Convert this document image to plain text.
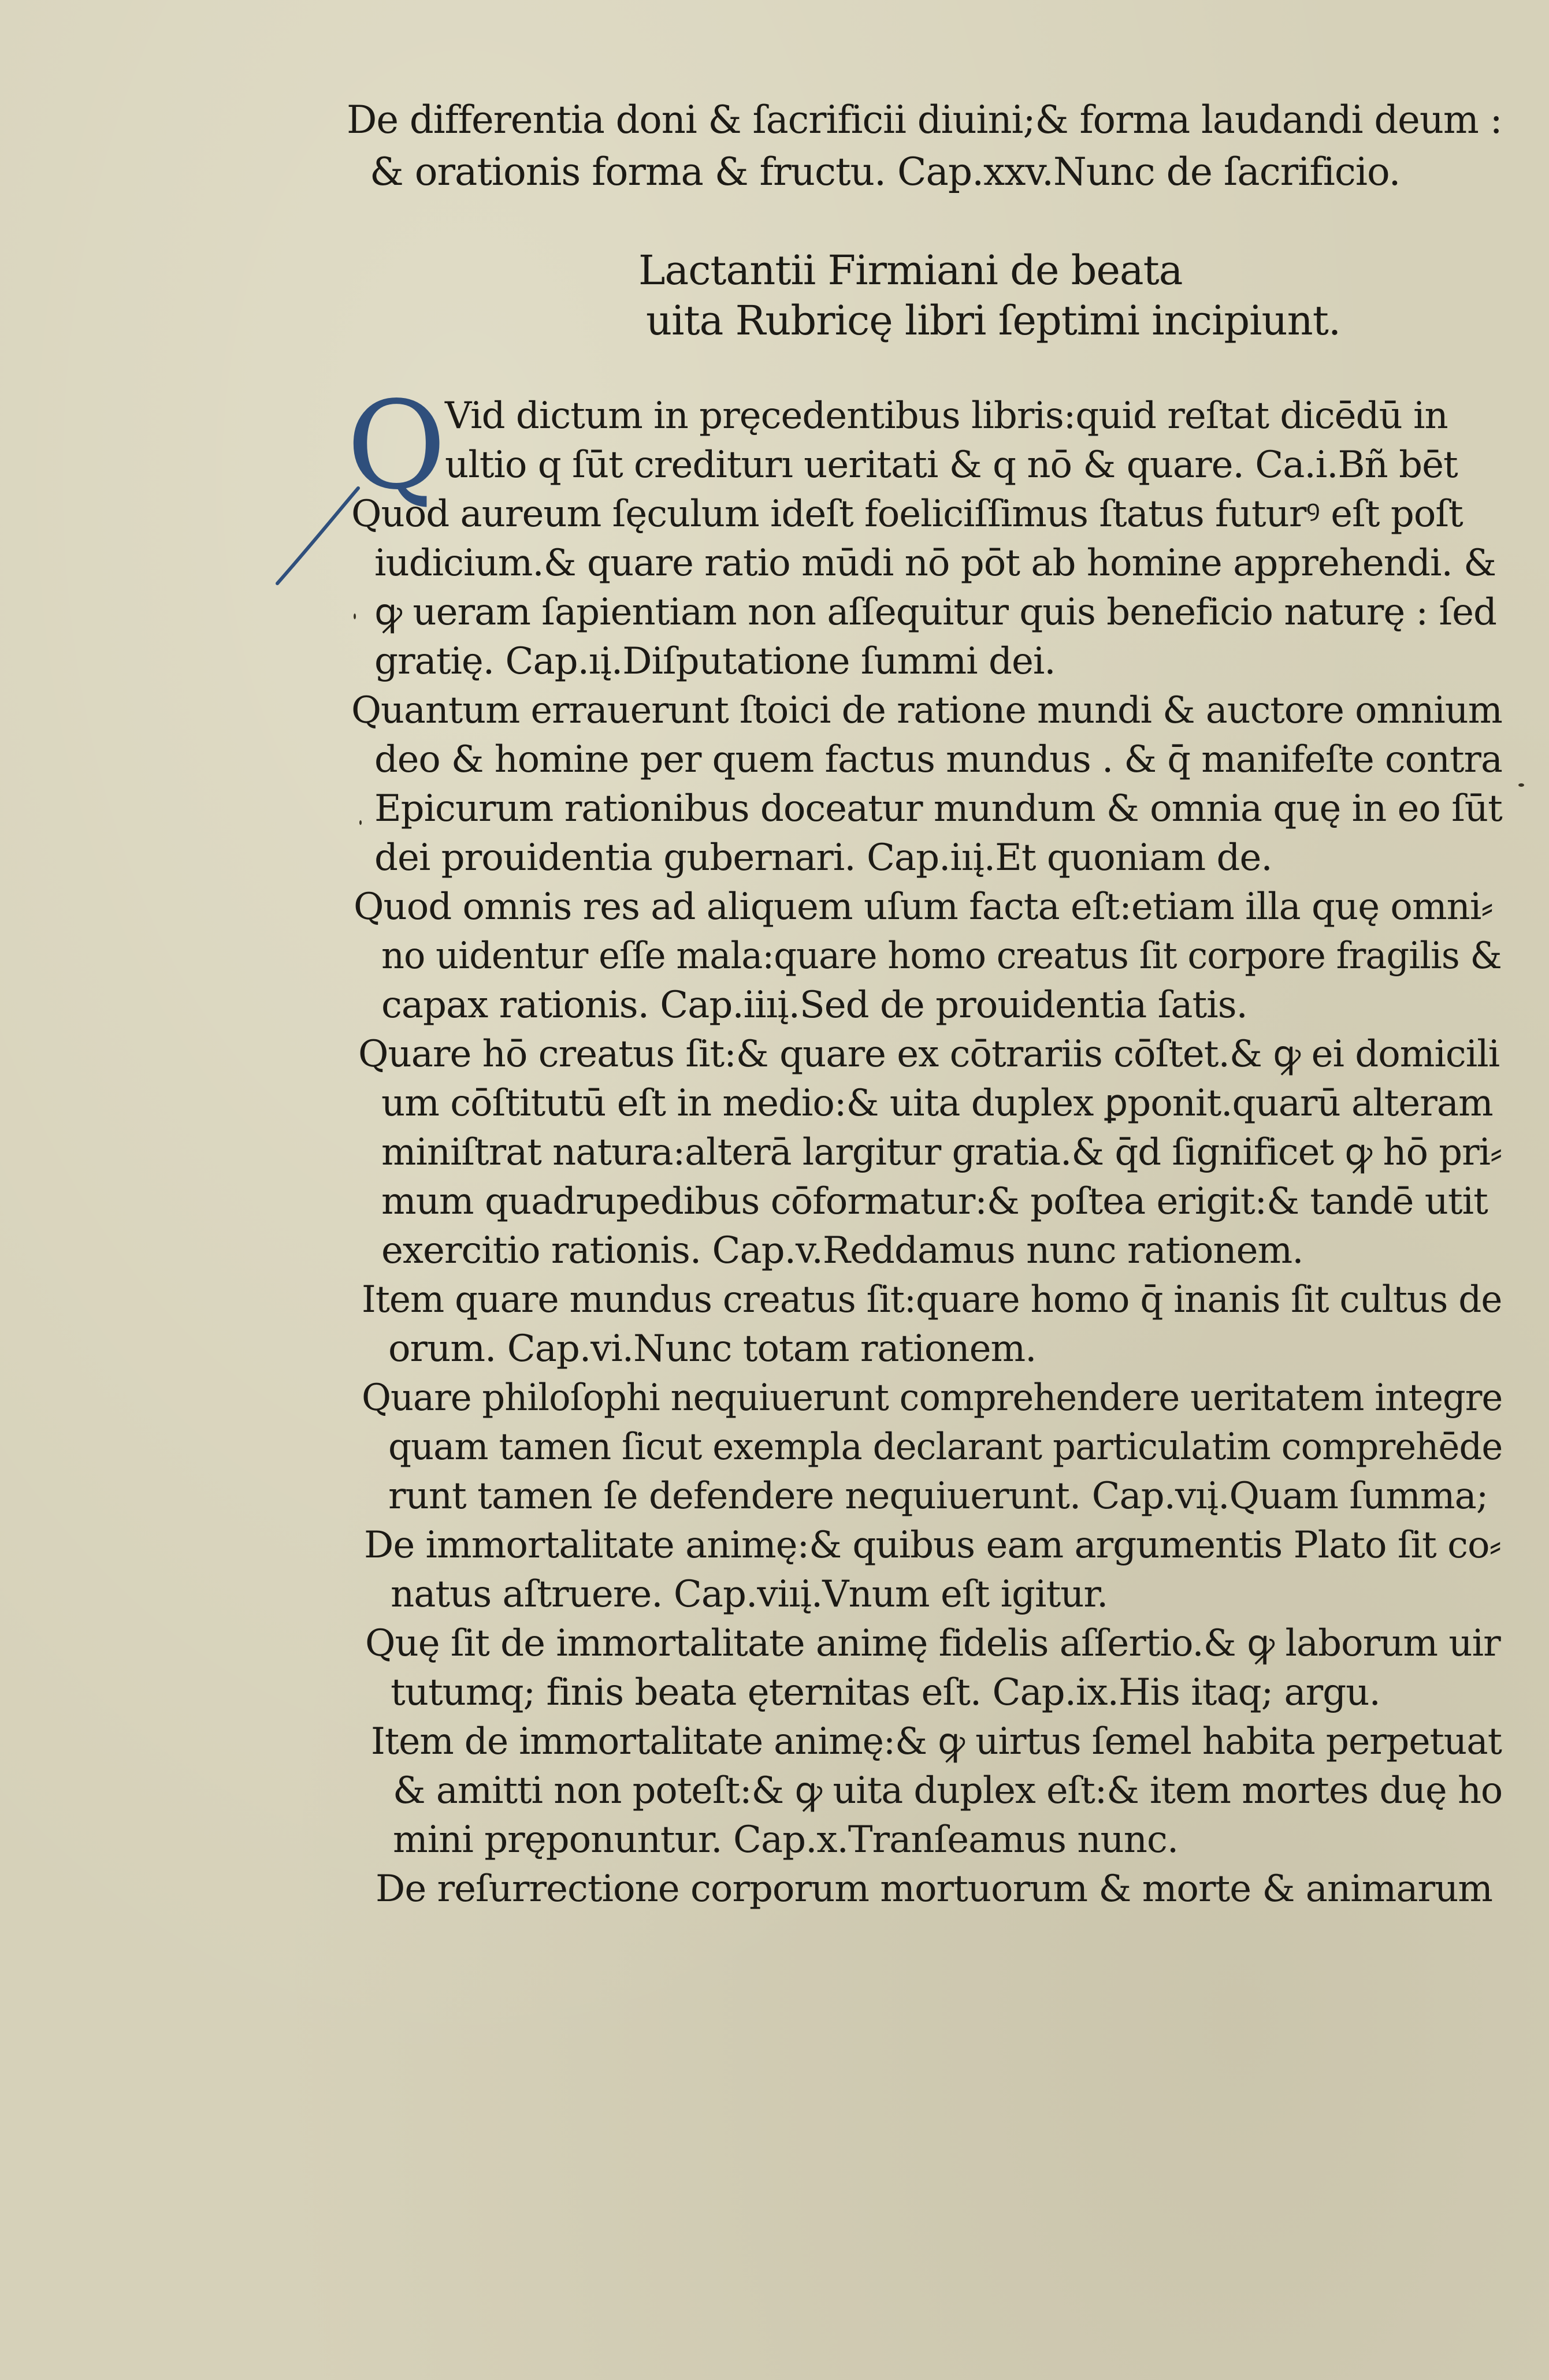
De differentia doni & ſacrificii diuini;& forma laudandi deum :
& orationis forma & fructu. Cap.xxv.Nunc de ſacrificio.
Lactantii Firmiani de beata
uita Rubricę libri ſeptimi incipiunt.
Q
Vid dictum in pręcedentibus libris:quid reſtat dicēdū in
ultio q ſūt crediturı ueritati & q nō & quare. Ca.i.Bñ bēt
Quod aureum ſęculum ideſt foeliciſſimus ſtatus futurꝰ eſt poſt
iudicium.& quare ratio mūdi nō pōt ab homine apprehendi. &
ꝙ ueram ſapientiam non aſſequitur quis beneficio naturę : ſed
gratię. Cap.ıį.Diſputatione ſummi dei.
Quantum errauerunt ſtoici de ratione mundi & auctore omnium
deo & homine per quem factus mundus . & q̄ manifeſte contra
Epicurum rationibus doceatur mundum & omnia quę in eo ſūt
dei prouidentia gubernari. Cap.iıį.Et quoniam de.
Quod omnis res ad aliquem uſum facta eſt:etiam illa quę omni⸗
no uidentur eſſe mala:quare homo creatus ſit corpore fragilis &
capax rationis. Cap.iiıį.Sed de prouidentia ſatis.
Quare hō creatus ſit:& quare ex cōtrariis cōſtet.& ꝙ ei domicili
um cōſtitutū eſt in medio:& uita duplex ꝑponit.quarū alteram
miniſtrat natura:alterā largitur gratia.& q̄d ſignificet ꝙ hō pri⸗
mum quadrupedibus cōformatur:& poſtea erigit:& tandē utit
exercitio rationis. Cap.v.Reddamus nunc rationem.
Item quare mundus creatus ſit:quare homo q̄ inanis ſit cultus de
orum. Cap.vi.Nunc totam rationem.
Quare philoſophi nequiuerunt comprehendere ueritatem integre
quam tamen ſicut exempla declarant particulatim comprehēde
runt tamen ſe defendere nequiuerunt. Cap.vıį.Quam ſumma;
De immortalitate animę:& quibus eam argumentis Plato ſit co⸗
natus aſtruere. Cap.viıį.Vnum eſt igitur.
Quę ſit de immortalitate animę fidelis aſſertio.& ꝙ laborum uir
tutumq; finis beata ęternitas eſt. Cap.ix.His itaq; argu.
Item de immortalitate animę:& ꝙ uirtus ſemel habita perpetuat
& amitti non poteſt:& ꝙ uita duplex eſt:& item mortes duę ho
mini pręponuntur. Cap.x.Tranſeamus nunc.
De reſurrectione corporum mortuorum & morte & animarum
